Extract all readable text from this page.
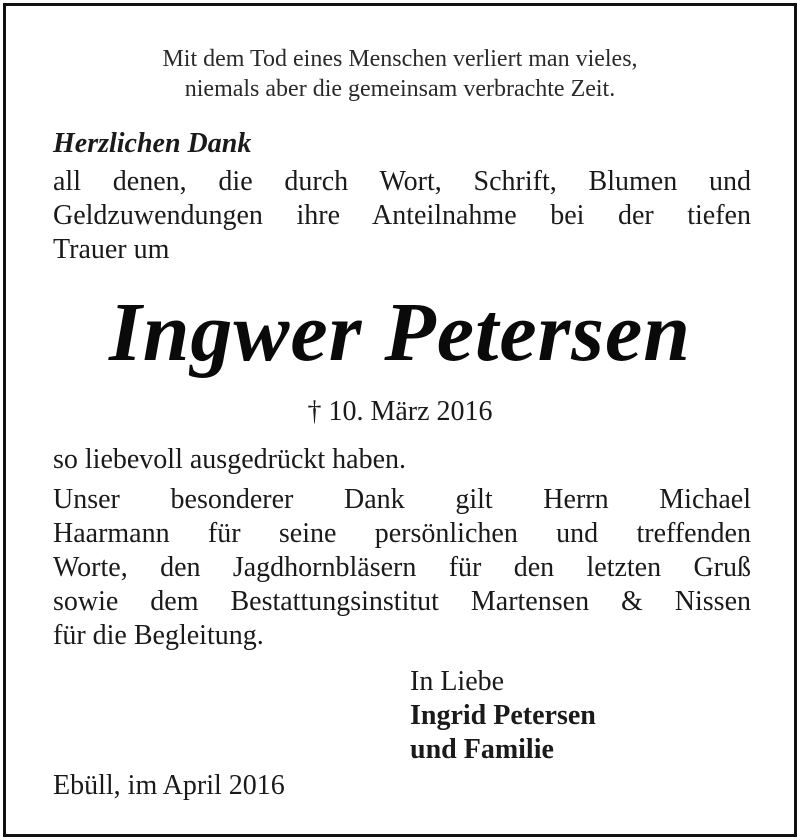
Mit dem Tod eines Menschen verliert man vieles,
niemals aber die gemeinsam verbrachte Zeit.
Herzlichen Dank
all denen, die durch Wort, Schrift, Blumen und
Geldzuwendungen ihre Anteilnahme bei der tiefen
Trauer um
Ingwer Petersen
† 10. März 2016
so liebevoll ausgedrückt haben.
Unser besonderer Dank gilt Herrn Michael
Haarmann für seine persönlichen und treffenden
Worte, den Jagdhornbläsern für den letzten Gruß
sowie dem Bestattungsinstitut Martensen & Nissen
für die Begleitung.
In Liebe
Ingrid Petersen
und Familie
Ebüll, im April 2016
